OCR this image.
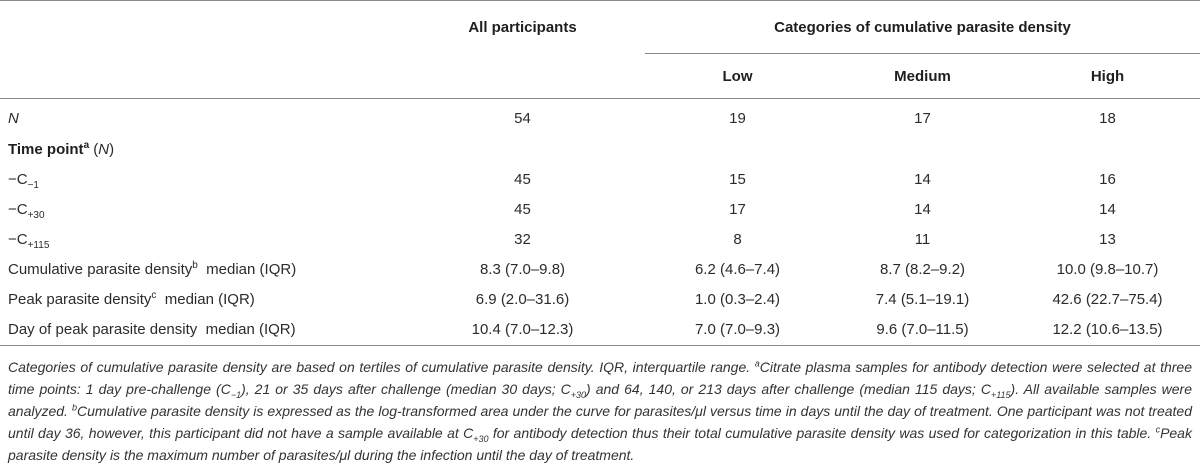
	All participants	Categories of cumulative parasite density		

		Low	Medium	High
N	54	19	17	18
Time point$^a$ (N)				
$-C_{-1}$	45	15	14	16
$-C_{+30}$	45	17	14	14
$-C_{+115}$	32	8	11	13
Cumulative parasite density$^b$  median (IQR)	8.3 (7.0–9.8)	6.2 (4.6–7.4)	8.7 (8.2–9.2)	10.0 (9.8–10.7)
Peak parasite density$^c$  median (IQR)	6.9 (2.0–31.6)	1.0 (0.3–2.4)	7.4 (5.1–19.1)	42.6 (22.7–75.4)
Day of peak parasite density  median (IQR)	10.4 (7.0–12.3)	7.0 (7.0–9.3)	9.6 (7.0–11.5)	12.2 (10.6–13.5)
Categories of cumulative parasite density are based on tertiles of cumulative parasite density. IQR, interquartile range. $^a$Citrate plasma samples for antibody detection were selected at three time points: 1 day pre-challenge $(C_{-1})$, 21 or 35 days after challenge (median 30 days; $C_{+30}$) and 64, 140, or 213 days after challenge (median 115 days; $C_{+115}$). All available samples were analyzed. $^b$Cumulative parasite density is expressed as the log-transformed area under the curve for parasites/μl versus time in days until the day of treatment. One participant was not treated until day 36, however, this participant did not have a sample available at $C_{+30}$ for antibody detection thus their total cumulative parasite density was used for categorization in this table. $^c$Peak parasite density is the maximum number of parasites/μl during the infection until the day of treatment.
